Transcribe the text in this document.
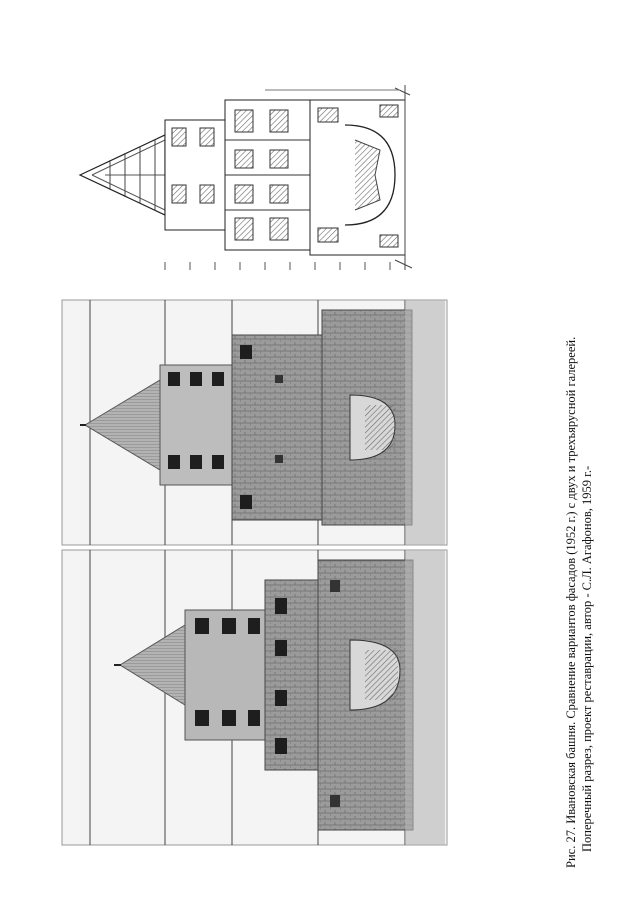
Рис. 27. Ивановская башня. Сравнение вариантов фасадов (1952 г.) с двух и трехъярусной галереей. Поперечный разрез, проект реставрации, автор - С.Л. Агафонов, 1959 г.-
